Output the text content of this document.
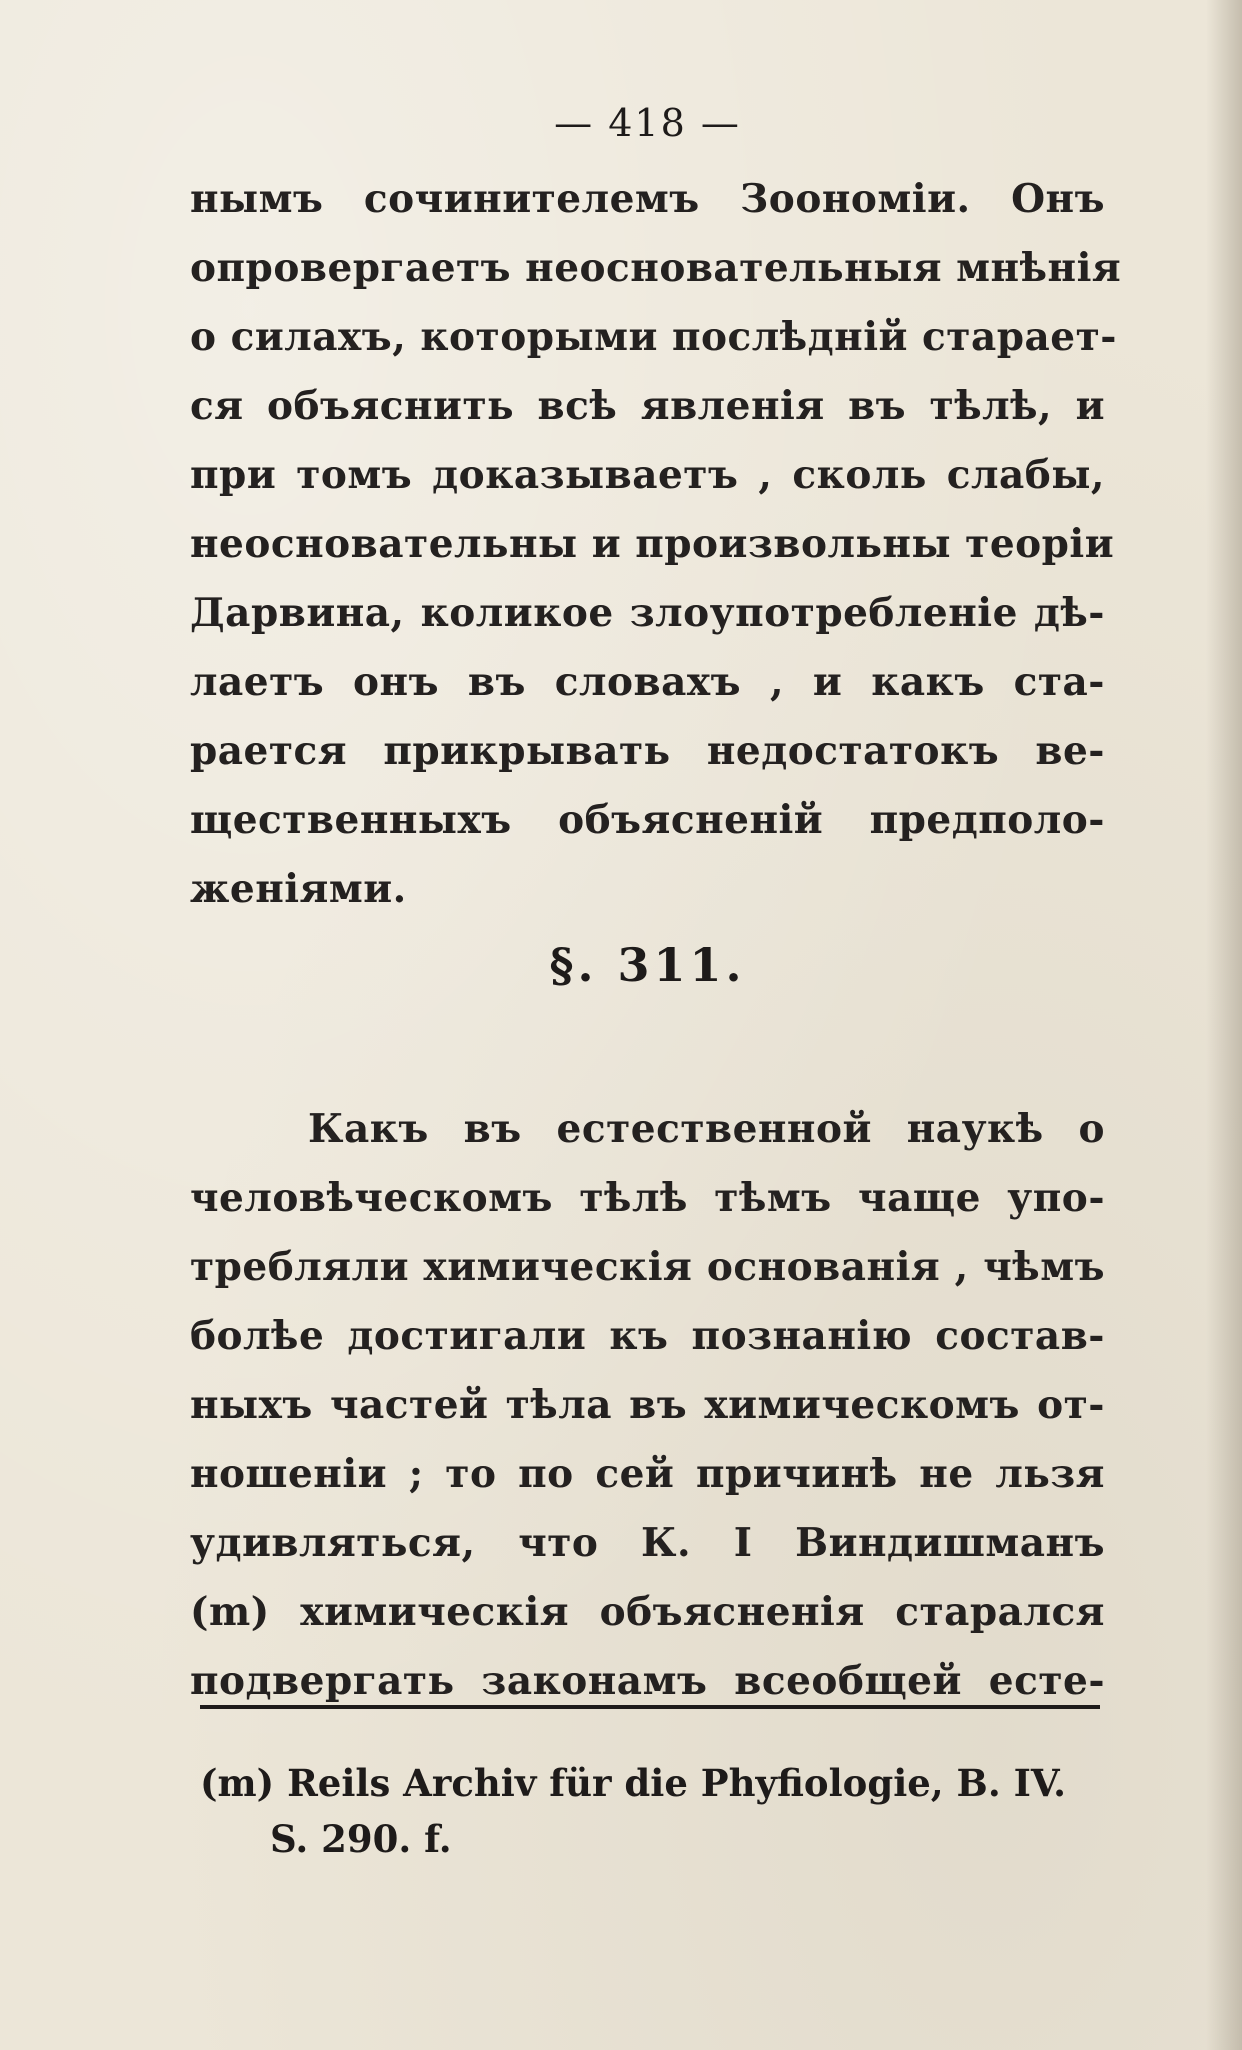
— 418 —
нымъ сочинителемъ Зоономіи. Онъ
опровергаетъ неосновательныя мнѣнія
о силахъ, которыми послѣдній старает-
ся объяснить всѣ явленія въ тѣлѣ, и
при томъ доказываетъ , сколь слабы,
неосновательны и произвольны теоріи
Дарвина, коликое злоупотребленіе дѣ-
лаетъ онъ въ словахъ , и какъ ста-
рается прикрывать недостатокъ ве-
щественныхъ объясненій предполо-
женіями.
§. 311.
Какъ въ естественной наукѣ о
человѣческомъ тѣлѣ тѣмъ чаще упо-
требляли химическія основанія , чѣмъ
болѣе достигали къ познанію состав-
ныхъ частей тѣла въ химическомъ от-
ношеніи ; то по сей причинѣ не льзя
удивляться, что К. І Виндишманъ
(m) химическія объясненія старался
подвергать законамъ всеобщей есте-
(m) Reils Archiv für die Phyfiologie, B. IV.
S. 290. f.
